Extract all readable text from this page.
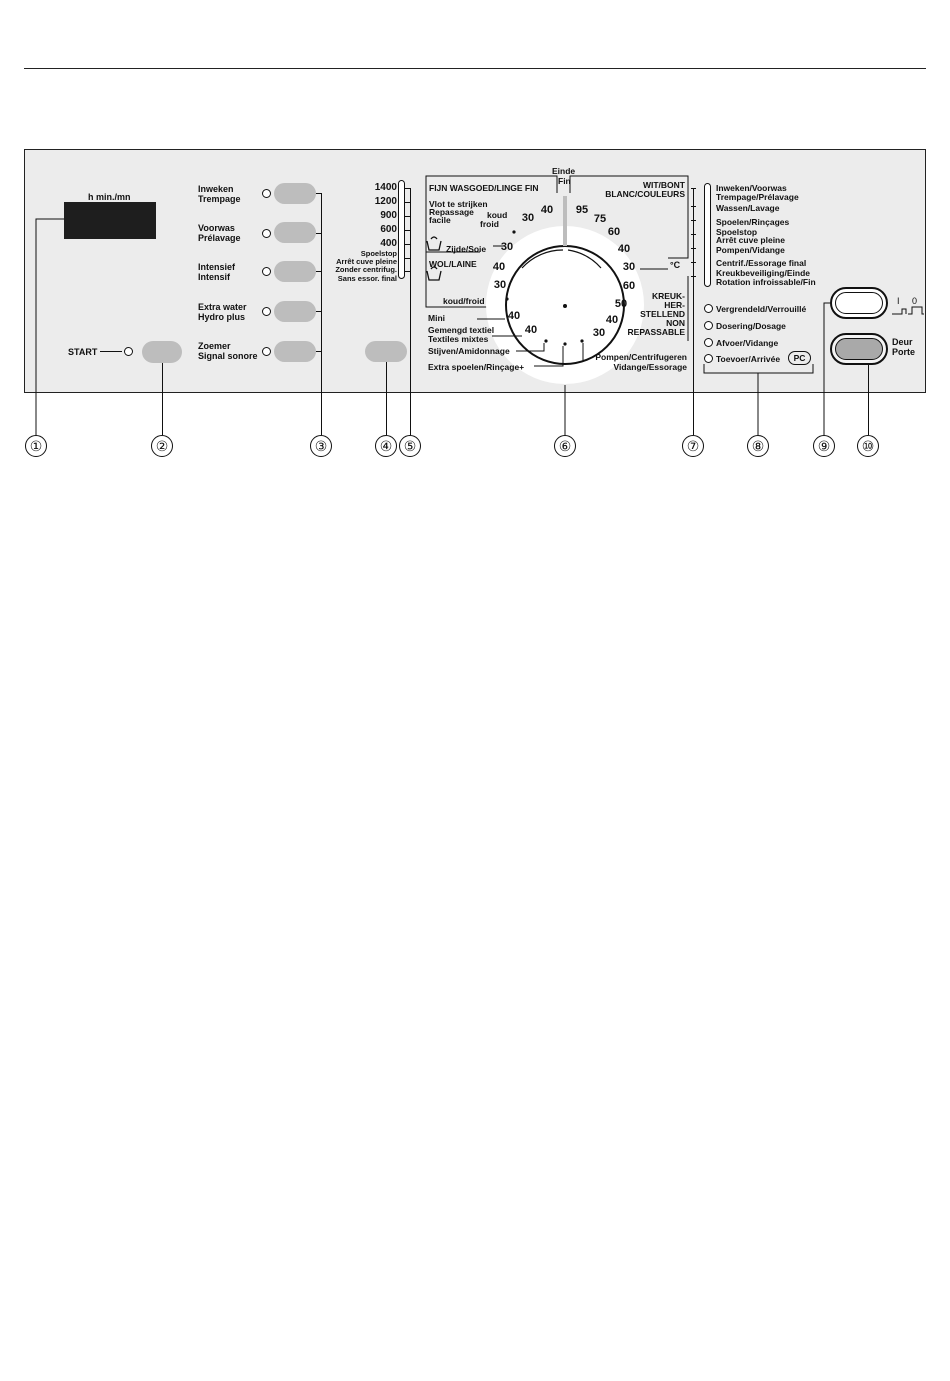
h min./mn
START
Inweken
Trempage
Voorwas
Prélavage
Intensief
Intensif
Extra water
Hydro plus
Zoemer
Signal sonore
1400
1200
900
600
400
Spoelstop
Arrêt cuve pleine
Zonder centrifug.
Sans essor. final
Einde
Fin
FIJN WASGOED/LINGE FIN
Vlot te strijken
Repassage
facile	koud
froid
Zijde/Soie
WOL/LAINE
koud/froid
Mini
Gemengd textiel
Textiles mixtes
Stijven/Amidonnage
Extra spoelen/Rinçage+
WIT/BONT
BLANC/COULEURS
°C
KREUK-
HER-
STELLEND
NON
REPASSABLE
Pompen/Centrifugeren
Vidange/Essorage
40
30
30
40
30
40
40
95
75
60
40
30
60
50
40
30
Inweken/Voorwas
Trempage/Prélavage
Wassen/Lavage
Spoelen/Rinçages
Spoelstop
Arrêt cuve pleine
Pompen/Vidange
Centrif./Essorage final
Kreukbeveiliging/Einde
Rotation infroissable/Fin
Vergrendeld/Verrouillé
Dosering/Dosage
Afvoer/Vidange
Toevoer/Arrivée	PC
I 0
Deur
Porte
①	②	③	④ ⑤	⑥	⑦	⑧	⑨	⑩
